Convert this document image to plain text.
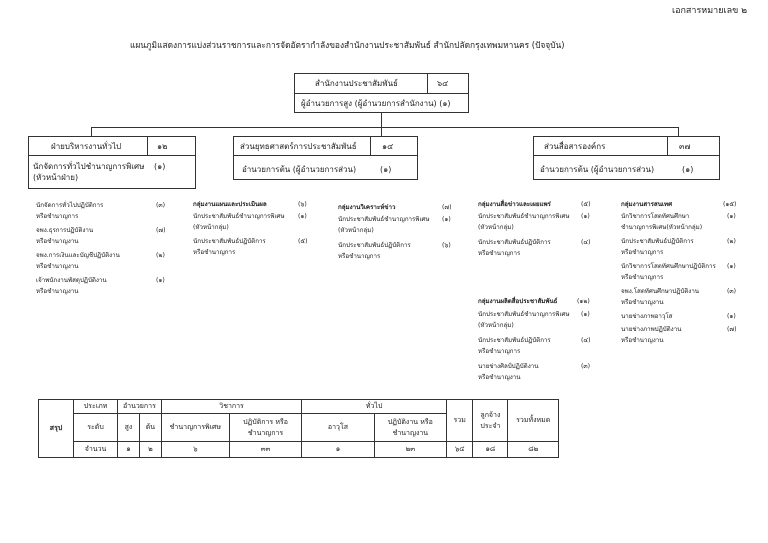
เอกสารหมายเลข ๒
แผนภูมิแสดงการแบ่งส่วนราชการและการจัดอัตรากำลังของสำนักงานประชาสัมพันธ์ สำนักปลัดกรุงเทพมหานคร (ปัจจุบัน)
สำนักงานประชาสัมพันธ์	๖๔
ผู้อำนวยการสูง (ผู้อำนวยการสำนักงาน) (๑)
ฝ่ายบริหารงานทั่วไป	๑๒
นักจัดการทั่วไปชำนาญการพิเศษ
(หัวหน้าฝ่าย)
(๑)
ส่วนยุทธศาสตร์การประชาสัมพันธ์	๑๔
อำนวยการต้น (ผู้อำนวยการส่วน)	(๑)
ส่วนสื่อสารองค์กร	๓๗
อำนวยการต้น (ผู้อำนวยการส่วน)	(๑)
นักจัดการทั่วไปปฏิบัติการ
หรือชำนาญการ
(๓)
จพง.ธุรการปฏิบัติงาน
หรือชำนาญงาน
(๗)
จพง.การเงินและบัญชีปฏิบัติงาน
หรือชำนาญงาน
(๒)
เจ้าพนักงานพัสดุปฏิบัติงาน
หรือชำนาญงาน
(๑)
กลุ่มงานแผนและประเมินผล	(๖)
นักประชาสัมพันธ์ชำนาญการพิเศษ
(หัวหน้ากลุ่ม)
(๑)
นักประชาสัมพันธ์ปฏิบัติการ
หรือชำนาญการ
(๕)
กลุ่มงานวิเคราะห์ข่าว	(๗)
นักประชาสัมพันธ์ชำนาญการพิเศษ
(หัวหน้ากลุ่ม)
(๑)
นักประชาสัมพันธ์ปฏิบัติการ
หรือชำนาญการ
(๖)
กลุ่มงานสื่อข่าวและเผยแพร่	(๕)
นักประชาสัมพันธ์ชำนาญการพิเศษ
(หัวหน้ากลุ่ม)
(๑)
นักประชาสัมพันธ์ปฏิบัติการ
หรือชำนาญการ
(๔)
กลุ่มงานผลิตสื่อประชาสัมพันธ์	(๑๒)
นักประชาสัมพันธ์ชำนาญการพิเศษ
(หัวหน้ากลุ่ม)
(๑)
นักประชาสัมพันธ์ปฏิบัติการ
หรือชำนาญการ
(๔)
นายช่างศิลป์ปฏิบัติงาน
หรือชำนาญงาน
(๓)
กลุ่มงานสารสนเทศ	(๑๕)
นักวิชาการโสตทัศนศึกษา
ชำนาญการพิเศษ(หัวหน้ากลุ่ม)
(๑)
นักประชาสัมพันธ์ปฏิบัติการ
หรือชำนาญการ
(๒)
นักวิชาการโสตทัศนศึกษาปฏิบัติการ
หรือชำนาญการ
(๑)
จพง.โสตทัศนศึกษาปฏิบัติงาน
หรือชำนาญงาน
(๓)
นายช่างภาพอาวุโส	(๑)
นายช่างภาพปฏิบัติงาน
หรือชำนาญงาน
(๗)
สรุป	ประเภท	อำนวยการ		วิชาการ		ทั่วไป		รวม	ลูกจ้างประจำ	รวมทั้งหมด
	ระดับ	สูง	ต้น	ชำนาญการพิเศษ	ปฏิบัติการ หรือชำนาญการ	อาวุโส	ปฏิบัติงาน หรือชำนาญงาน			
	จำนวน	๑	๒	๖	๓๓	๑	๒๓	๖๔	๑๘	๘๒
